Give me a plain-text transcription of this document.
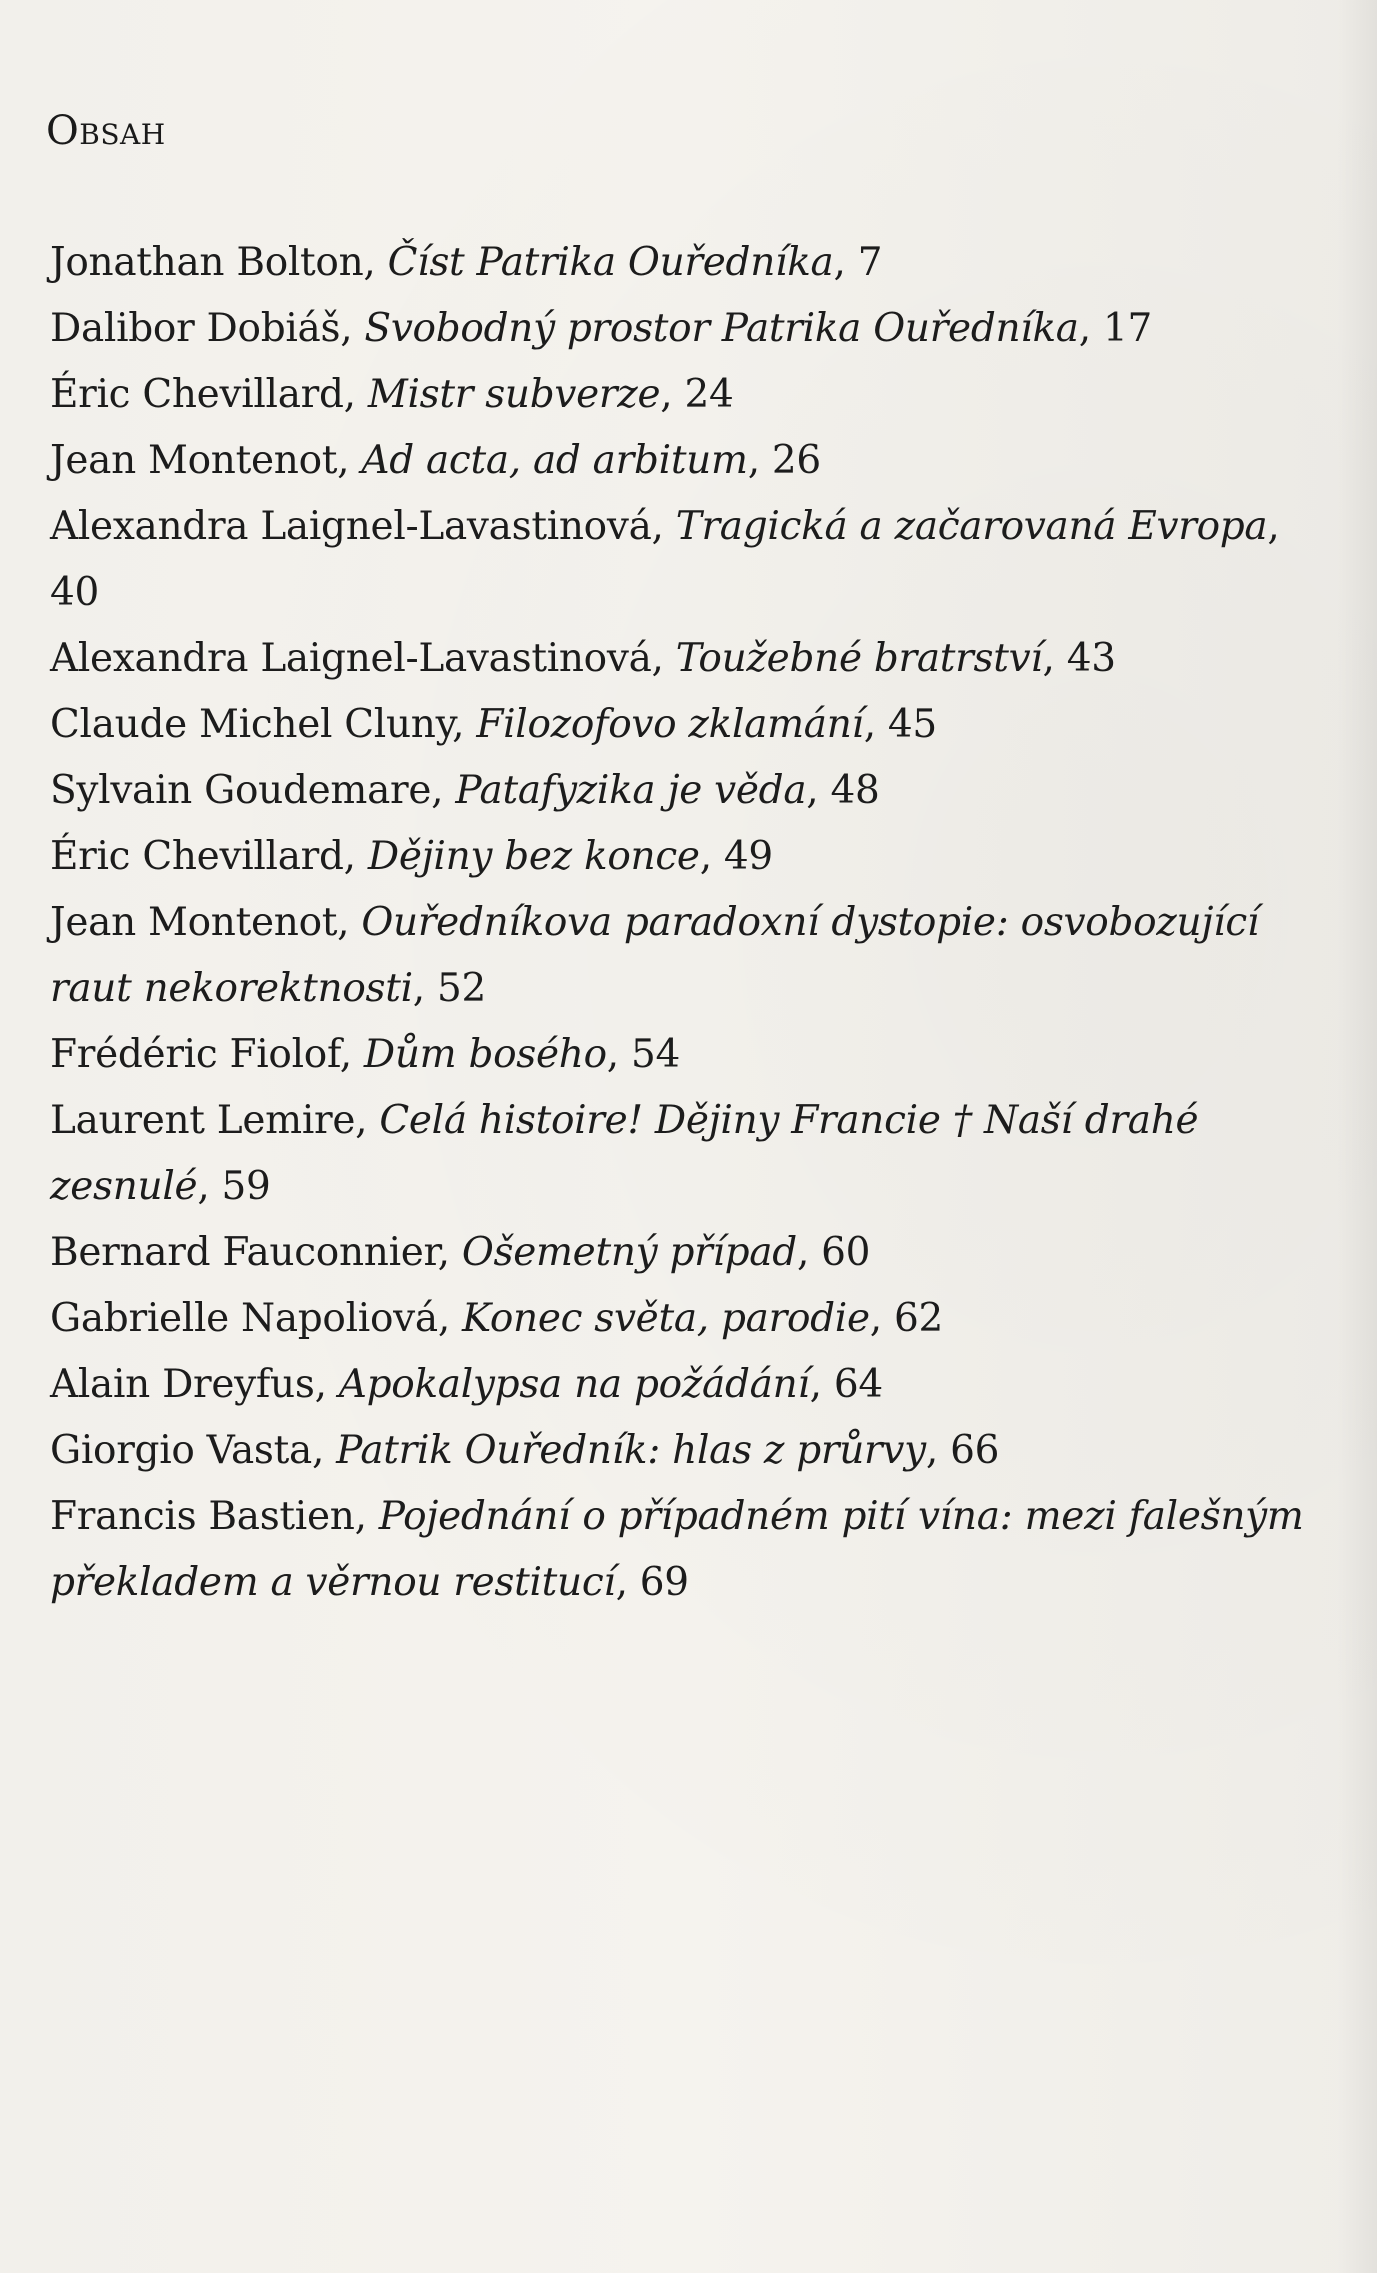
Obsah

Jonathan Bolton, Číst Patrika Ouředníka, 7

Dalibor Dobiáš, Svobodný prostor Patrika Ouředníka, 17

Éric Chevillard, Mistr subverze, 24

Jean Montenot, Ad acta, ad arbitum, 26

Alexandra Laignel-Lavastinová, Tragická a začarovaná Evropa, 40

Alexandra Laignel-Lavastinová, Toužebné bratrství, 43

Claude Michel Cluny, Filozofovo zklamání, 45

Sylvain Goudemare, Patafyzika je věda, 48

Éric Chevillard, Dějiny bez konce, 49

Jean Montenot, Ouředníkova paradoxní dystopie: osvobozující
raut nekorektnosti, 52

Frédéric Fiolof, Dům bosého, 54

Laurent Lemire, Celá histoire! Dějiny Francie † Naší drahé
zesnulé, 59

Bernard Fauconnier, Ošemetný případ, 60

Gabrielle Napoliová, Konec světa, parodie, 62

Alain Dreyfus, Apokalypsa na požádání, 64

Giorgio Vasta, Patrik Ouředník: hlas z průrvy, 66

Francis Bastien, Pojednání o případném pití vína: mezi falešným
překladem a věrnou restitucí, 69
